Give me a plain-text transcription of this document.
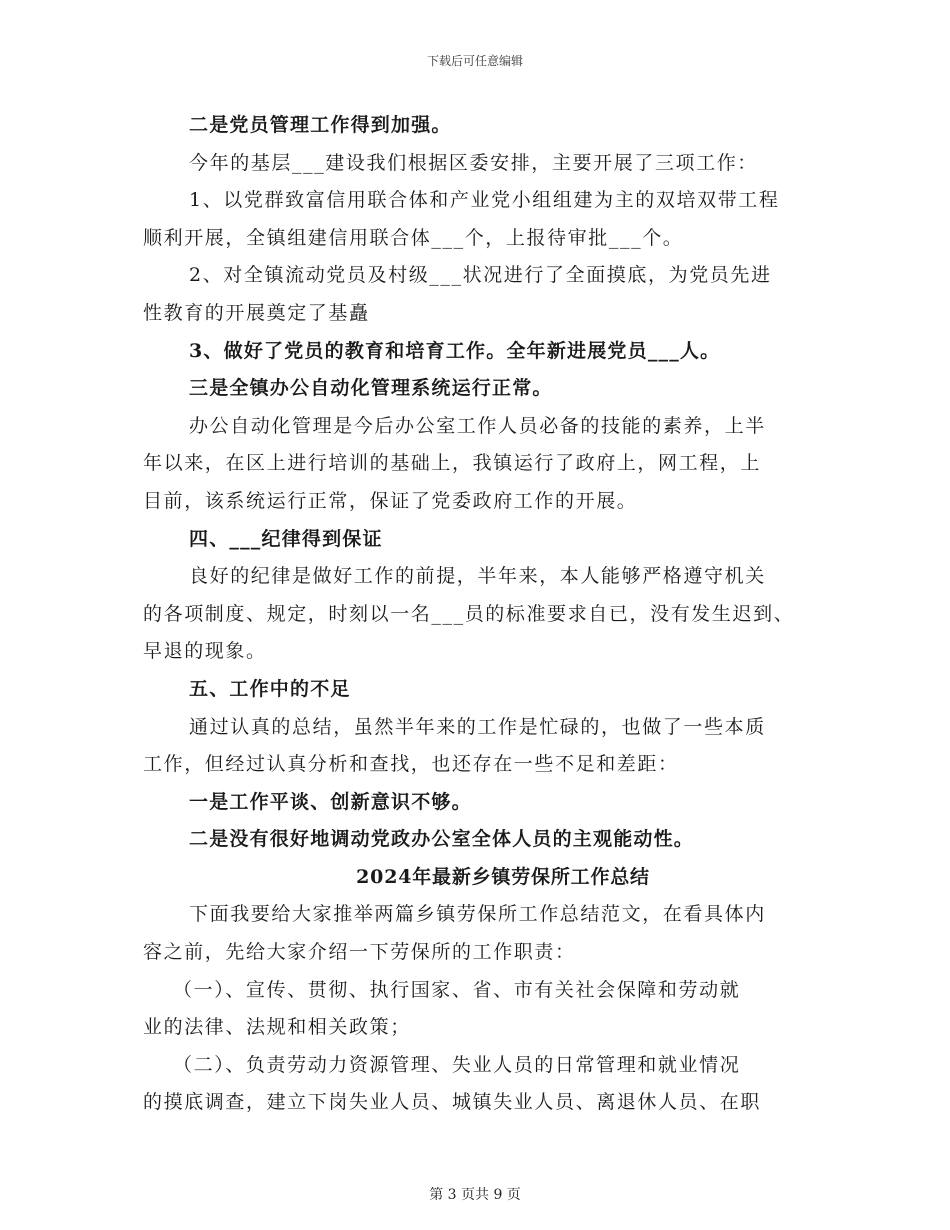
下载后可任意编辑
二是党员管理工作得到加强。
今年的基层___建设我们根据区委安排，主要开展了三项工作：
1、以党群致富信用联合体和产业党小组组建为主的双培双带工程
顺利开展，全镇组建信用联合体___个，上报待审批___个。
2、对全镇流动党员及村级___状况进行了全面摸底，为党员先进
性教育的开展奠定了基矗
3、做好了党员的教育和培育工作。全年新进展党员___人。
三是全镇办公自动化管理系统运行正常。
办公自动化管理是今后办公室工作人员必备的技能的素养，上半
年以来，在区上进行培训的基础上，我镇运行了政府上，网工程，上
目前，该系统运行正常，保证了党委政府工作的开展。
四、___纪律得到保证
良好的纪律是做好工作的前提，半年来，本人能够严格遵守机关
的各项制度、规定，时刻以一名___员的标准要求自已，没有发生迟到、
早退的现象。
五、工作中的不足
通过认真的总结，虽然半年来的工作是忙碌的，也做了一些本质
工作，但经过认真分析和查找，也还存在一些不足和差距：
一是工作平谈、创新意识不够。
二是没有很好地调动党政办公室全体人员的主观能动性。
2024年最新乡镇劳保所工作总结
下面我要给大家推举两篇乡镇劳保所工作总结范文，在看具体内
容之前，先给大家介绍一下劳保所的工作职责：
（一）、宣传、贯彻、执行国家、省、市有关社会保障和劳动就
业的法律、法规和相关政策；
（二）、负责劳动力资源管理、失业人员的日常管理和就业情况
的摸底调查，建立下岗失业人员、城镇失业人员、离退休人员、在职
第 3 页共 9 页
